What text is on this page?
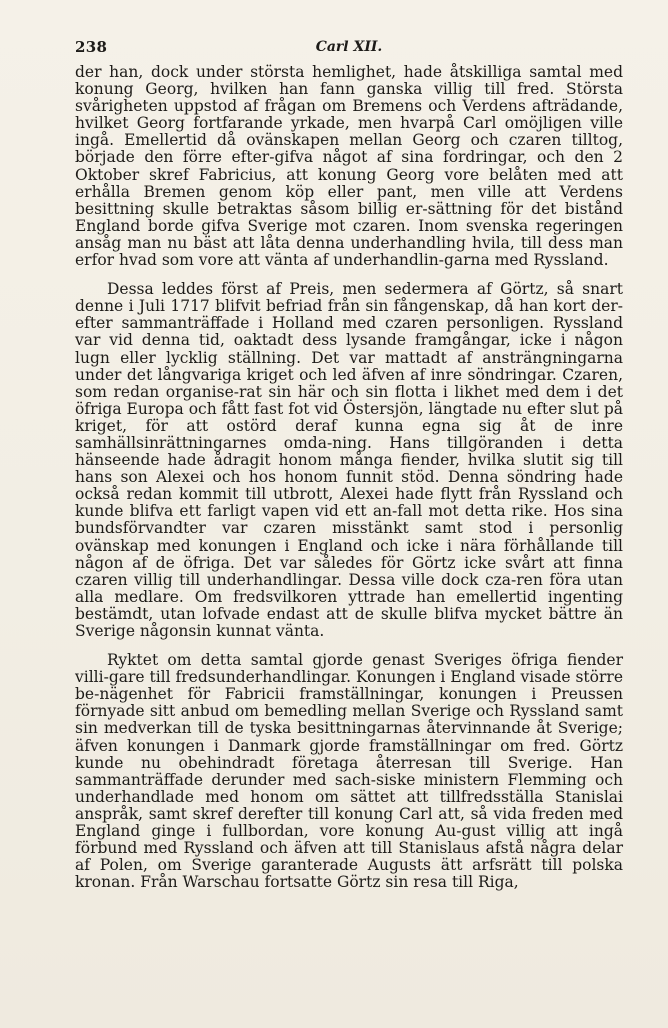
238	Carl XII.

der han, dock under största hemlighet, hade åtskilliga samtal med konung Georg, hvilken han fann ganska villig till fred. Största svårigheten uppstod af frågan om Bremens och Verdens afträdande, hvilket Georg fortfarande yrkade, men hvarpå Carl omöjligen ville ingå. Emellertid då ovänskapen mellan Georg och czaren tilltog, började den förre efter-gifva något af sina fordringar, och den 2 Oktober skref Fabricius, att konung Georg vore belåten med att erhålla Bremen genom köp eller pant, men ville att Verdens besittning skulle betraktas såsom billig er-sättning för det bistånd England borde gifva Sverige mot czaren. Inom svenska regeringen ansåg man nu bäst att låta denna underhandling hvila, till dess man erfor hvad som vore att vänta af underhandlin-garna med Ryssland.

Dessa leddes först af Preis, men sedermera af Görtz, så snart denne i Juli 1717 blifvit befriad från sin fångenskap, då han kort der-efter sammanträffade i Holland med czaren personligen. Ryssland var vid denna tid, oaktadt dess lysande framgångar, icke i någon lugn eller lycklig ställning. Det var mattadt af ansträngningarna under det långvariga kriget och led äfven af inre söndringar. Czaren, som redan organise-rat sin här och sin flotta i likhet med dem i det öfriga Europa och fått fast fot vid Östersjön, längtade nu efter slut på kriget, för att ostörd deraf kunna egna sig åt de inre samhällsinrättningarnes omda-ning. Hans tillgöranden i detta hänseende hade ådragit honom många fiender, hvilka slutit sig till hans son Alexei och hos honom funnit stöd. Denna söndring hade också redan kommit till utbrott, Alexei hade flytt från Ryssland och kunde blifva ett farligt vapen vid ett an-fall mot detta rike. Hos sina bundsförvandter var czaren misstänkt samt stod i personlig ovänskap med konungen i England och icke i nära förhållande till någon af de öfriga. Det var således för Görtz icke svårt att finna czaren villig till underhandlingar. Dessa ville dock cza-ren föra utan alla medlare. Om fredsvilkoren yttrade han emellertid ingenting bestämdt, utan lofvade endast att de skulle blifva mycket bättre än Sverige någonsin kunnat vänta.

Ryktet om detta samtal gjorde genast Sveriges öfriga fiender villi-gare till fredsunderhandlingar. Konungen i England visade större be-nägenhet för Fabricii framställningar, konungen i Preussen förnyade sitt anbud om bemedling mellan Sverige och Ryssland samt sin medverkan till de tyska besittningarnas återvinnande åt Sverige; äfven konungen i Danmark gjorde framställningar om fred. Görtz kunde nu obehindradt företaga återresan till Sverige. Han sammanträffade derunder med sach-siske ministern Flemming och underhandlade med honom om sättet att tillfredsställa Stanislai anspråk, samt skref derefter till konung Carl att, så vida freden med England ginge i fullbordan, vore konung Au-gust villig att ingå förbund med Ryssland och äfven att till Stanislaus afstå några delar af Polen, om Sverige garanterade Augusts ätt arfsrätt till polska kronan. Från Warschau fortsatte Görtz sin resa till Riga,
